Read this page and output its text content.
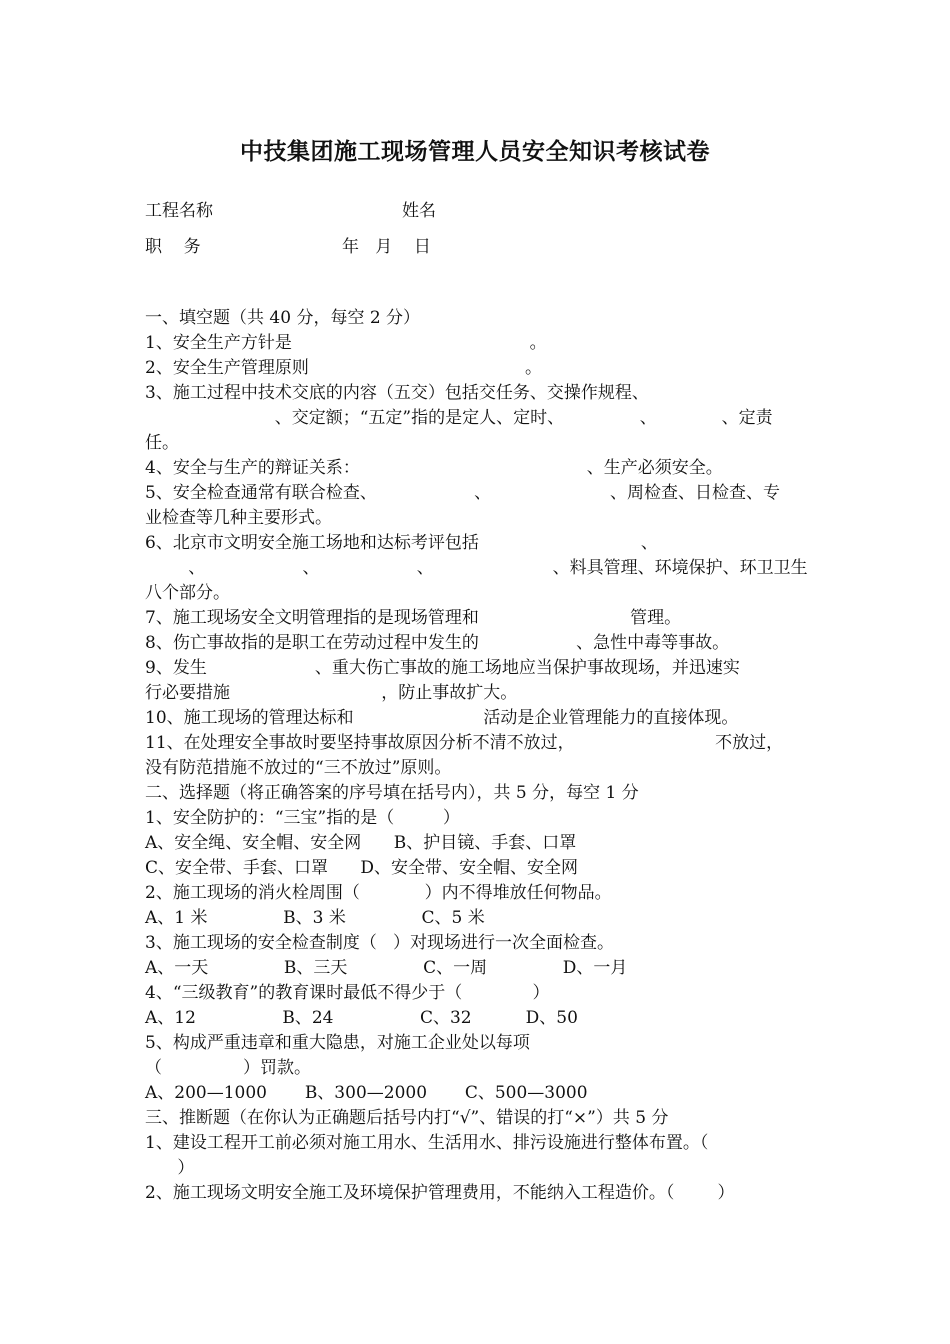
中技集团施工现场管理人员安全知识考核试卷
工程名称	姓名
职    务	年   月    日
一、填空题（共 40 分，每空 2 分）
1、安全生产方针是                                            。
2、安全生产管理原则                                        。
3、施工过程中技术交底的内容（五交）包括交任务、交操作规程、
、交定额；“五定”指的是定人、定时、              、            、定责
任。
4、安全与生产的辩证关系：                                          、生产必须安全。
5、安全检查通常有联合检查、                  、                      、周检查、日检查、专
业检查等几种主要形式。
6、北京市文明安全施工场地和达标考评包括                              、
、                  、                  、                      、料具管理、环境保护、环卫卫生
八个部分。
7、施工现场安全文明管理指的是现场管理和                            管理。
8、伤亡事故指的是职工在劳动过程中发生的                  、急性中毒等事故。
9、发生                    、重大伤亡事故的施工场地应当保护事故现场，并迅速实
行必要措施                            ，防止事故扩大。
10、施工现场的管理达标和                        活动是企业管理能力的直接体现。
11、在处理安全事故时要坚持事故原因分析不清不放过，                          不放过，
没有防范措施不放过的“三不放过”原则。
二、选择题（将正确答案的序号填在括号内），共 5 分，每空 1 分
1、安全防护的：“三宝”指的是（         ）
A、安全绳、安全帽、安全网      B、护目镜、手套、口罩
C、安全带、手套、口罩      D、安全带、安全帽、安全网
2、施工现场的消火栓周围（            ）内不得堆放任何物品。
A、1 米              B、3 米              C、5 米
3、施工现场的安全检查制度（   ）对现场进行一次全面检查。
A、一天              B、三天              C、一周              D、一月
4、“三级教育”的教育课时最低不得少于（             ）
A、12                B、24                C、32          D、50
5、构成严重违章和重大隐患，对施工企业处以每项
（               ）罚款。
A、200—1000       B、300—2000       C、500—3000
三、推断题（在你认为正确题后括号内打“√”、错误的打“×”）共 5 分
1、建设工程开工前必须对施工用水、生活用水、排污设施进行整体布置。（
）
2、施工现场文明安全施工及环境保护管理费用，不能纳入工程造价。（        ）
